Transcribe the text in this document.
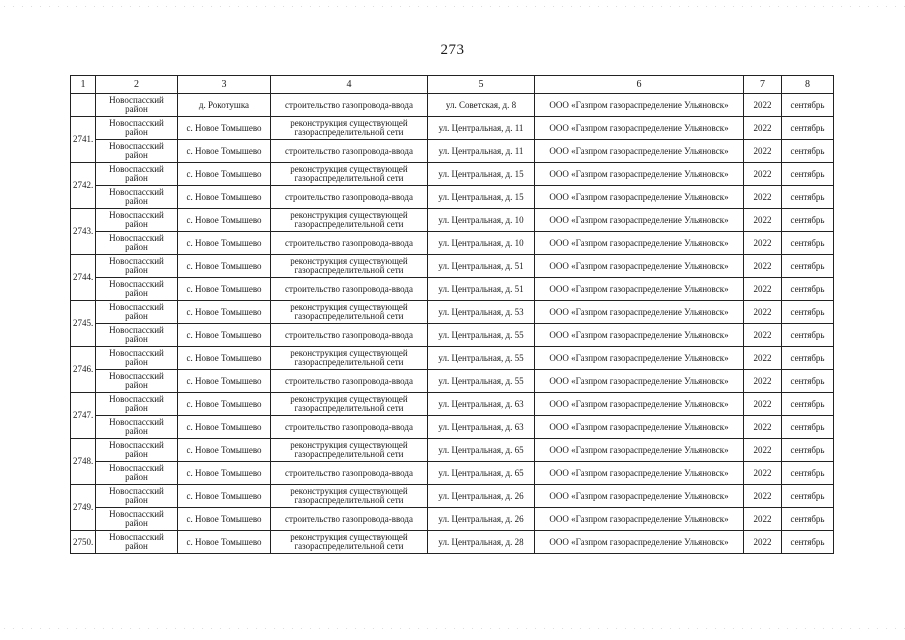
273
1	2	3	4	5	6	7	8
	Новоспасский район	д. Рокотушка	строительство газопровода-ввода	ул. Советская, д. 8	ООО «Газпром газораспределение Ульяновск»	2022	сентябрь
2741.	Новоспасский район	с. Новое Томышево	реконструкция существующей газораспределительной сети	ул. Центральная, д. 11	ООО «Газпром газораспределение Ульяновск»	2022	сентябрь
	Новоспасский район	с. Новое Томышево	строительство газопровода-ввода	ул. Центральная, д. 11	ООО «Газпром газораспределение Ульяновск»	2022	сентябрь
2742.	Новоспасский район	с. Новое Томышево	реконструкция существующей газораспределительной сети	ул. Центральная, д. 15	ООО «Газпром газораспределение Ульяновск»	2022	сентябрь
	Новоспасский район	с. Новое Томышево	строительство газопровода-ввода	ул. Центральная, д. 15	ООО «Газпром газораспределение Ульяновск»	2022	сентябрь
2743.	Новоспасский район	с. Новое Томышево	реконструкция существующей газораспределительной сети	ул. Центральная, д. 10	ООО «Газпром газораспределение Ульяновск»	2022	сентябрь
	Новоспасский район	с. Новое Томышево	строительство газопровода-ввода	ул. Центральная, д. 10	ООО «Газпром газораспределение Ульяновск»	2022	сентябрь
2744.	Новоспасский район	с. Новое Томышево	реконструкция существующей газораспределительной сети	ул. Центральная, д. 51	ООО «Газпром газораспределение Ульяновск»	2022	сентябрь
	Новоспасский район	с. Новое Томышево	строительство газопровода-ввода	ул. Центральная, д. 51	ООО «Газпром газораспределение Ульяновск»	2022	сентябрь
2745.	Новоспасский район	с. Новое Томышево	реконструкция существующей газораспределительной сети	ул. Центральная, д. 53	ООО «Газпром газораспределение Ульяновск»	2022	сентябрь
	Новоспасский район	с. Новое Томышево	строительство газопровода-ввода	ул. Центральная, д. 55	ООО «Газпром газораспределение Ульяновск»	2022	сентябрь
2746.	Новоспасский район	с. Новое Томышево	реконструкция существующей газораспределительной сети	ул. Центральная, д. 55	ООО «Газпром газораспределение Ульяновск»	2022	сентябрь
	Новоспасский район	с. Новое Томышево	строительство газопровода-ввода	ул. Центральная, д. 55	ООО «Газпром газораспределение Ульяновск»	2022	сентябрь
2747.	Новоспасский район	с. Новое Томышево	реконструкция существующей газораспределительной сети	ул. Центральная, д. 63	ООО «Газпром газораспределение Ульяновск»	2022	сентябрь
	Новоспасский район	с. Новое Томышево	строительство газопровода-ввода	ул. Центральная, д. 63	ООО «Газпром газораспределение Ульяновск»	2022	сентябрь
2748.	Новоспасский район	с. Новое Томышево	реконструкция существующей газораспределительной сети	ул. Центральная, д. 65	ООО «Газпром газораспределение Ульяновск»	2022	сентябрь
	Новоспасский район	с. Новое Томышево	строительство газопровода-ввода	ул. Центральная, д. 65	ООО «Газпром газораспределение Ульяновск»	2022	сентябрь
2749.	Новоспасский район	с. Новое Томышево	реконструкция существующей газораспределительной сети	ул. Центральная, д. 26	ООО «Газпром газораспределение Ульяновск»	2022	сентябрь
	Новоспасский район	с. Новое Томышево	строительство газопровода-ввода	ул. Центральная, д. 26	ООО «Газпром газораспределение Ульяновск»	2022	сентябрь
2750.	Новоспасский район	с. Новое Томышево	реконструкция существующей газораспределительной сети	ул. Центральная, д. 28	ООО «Газпром газораспределение Ульяновск»	2022	сентябрь
